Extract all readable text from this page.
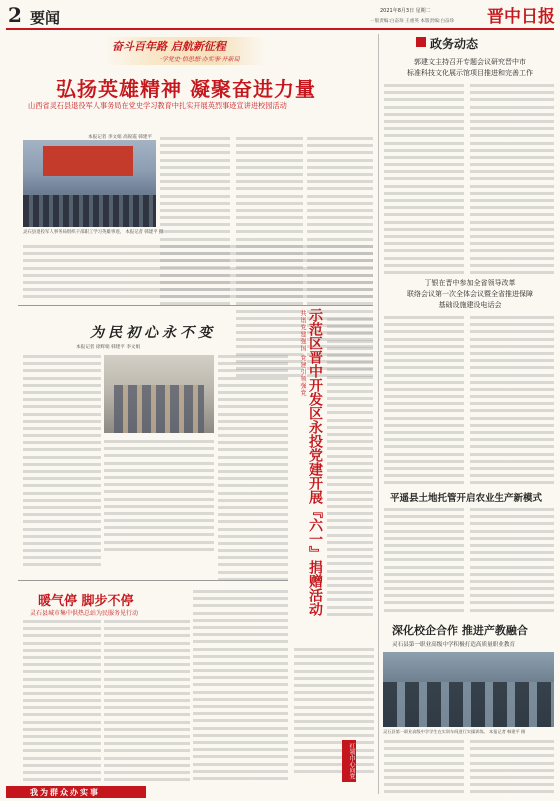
2 要闻	2021年8月3日 星期二
一版责编:白奋珍 王重英 本版责编:白奋珍 晋中日报
奋斗百年路 启航新征程
·学党史·悟思想·办实事·开新局
弘扬英雄精神 凝聚奋进力量
山西省灵石县退役军人事务局在党史学习教育中扎实开展英烈事迹宣讲进校园活动
本报记者 李文娟 高锐霞 韩建平
灵石县退役军人事务局组织干部职工学习英雄事迹。 本报记者 韩建平 摄
为民初心永不变
本报记者 徐辉娟 韩建平 李文娟	共谱党建强国 党建引领强党 示范区晋中开发区永投党建开展『六一』捐赠活动
红领巾心向党
暖气停 脚步不停
灵石县城市集中供热总站为民服务见行动
我为群众办实事
政务动态
郭建文主持召开专题会议研究晋中市
标准科技文化展示馆项目推进和完善工作
丁银在晋中参加全省领导改革
联络会议第一次全体会议暨全省推进保障
基础设施建设电话会
平遥县土地托管开启农业生产新模式
深化校企合作 推进产教融合
灵石县第一职业高级中学积极打造高质量职业教育
灵石县第一职业高级中学学生在实训车间进行实操训练。 本报记者 韩建平 摄
